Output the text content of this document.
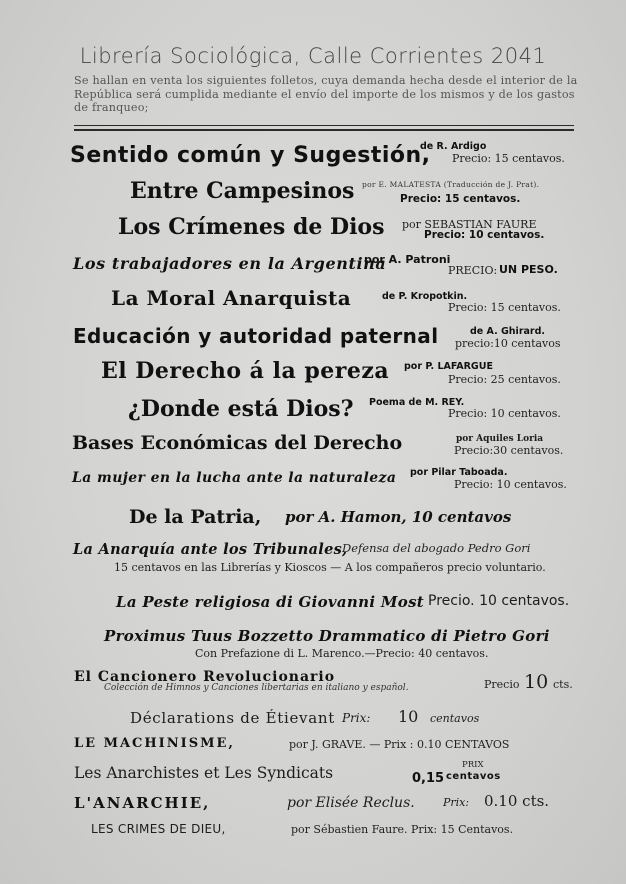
Librería Sociológica, Calle Corrientes 2041
Se hallan en venta los siguientes folletos, cuya demanda hecha desde el interior de la República será cumplida mediante el envío del importe de los mismos y de los gastos de franqueo;
Sentido común y Sugestión,
de R. Ardigo
Precio: 15 centavos.
Entre Campesinos por E. MALATESTA (Traducción de J. Prat).
Precio: 15 centavos.
Los Crímenes de Dios por SEBASTIAN FAURE
Precio: 10 centavos.
Los trabajadores en la Argentina
por A. Patroni
PRECIO: UN PESO.
La Moral Anarquista	de P. Kropotkin.
Precio: 15 centavos.
Educación y autoridad paternal	de A. Ghirard.
precio:10 centavos
El Derecho á la pereza por P. LAFARGUE
Precio: 25 centavos.
¿Donde está Dios? Poema de M. REY.
Precio: 10 centavos.
Bases Económicas del Derecho	por Aquiles Loria
Precio:30 centavos.
La mujer en la lucha ante la naturaleza por Pilar Taboada.
Precio: 10 centavos.
De la Patria, por A. Hamon, 10 centavos
La Anarquía ante los Tribunales,
Defensa del abogado Pedro Gori
15 centavos en las Librerías y Kioscos — A los compañeros precio voluntario.
La Peste religiosa di Giovanni Most Precio. 10 centavos.
Proximus Tuus Bozzetto Drammatico di Pietro Gori
Con Prefazione di L. Marenco.—Precio: 40 centavos.
El Cancionero Revolucionario
Colección de Himnos y Canciones libertarias en italiano y español.	Precio 10 cts.
Déclarations de Étievant Prix: 10 centavos
LE MACHINISME,	por J. GRAVE. — Prix : 0.10 CENTAVOS
Les Anarchistes et Les Syndicats	0,15
PRIX
centavos
L'ANARCHIE,	por Elisée Reclus.	Prix: 0.10 cts.
LES CRIMES DE DIEU,	por Sébastien Faure. Prix: 15 Centavos.
